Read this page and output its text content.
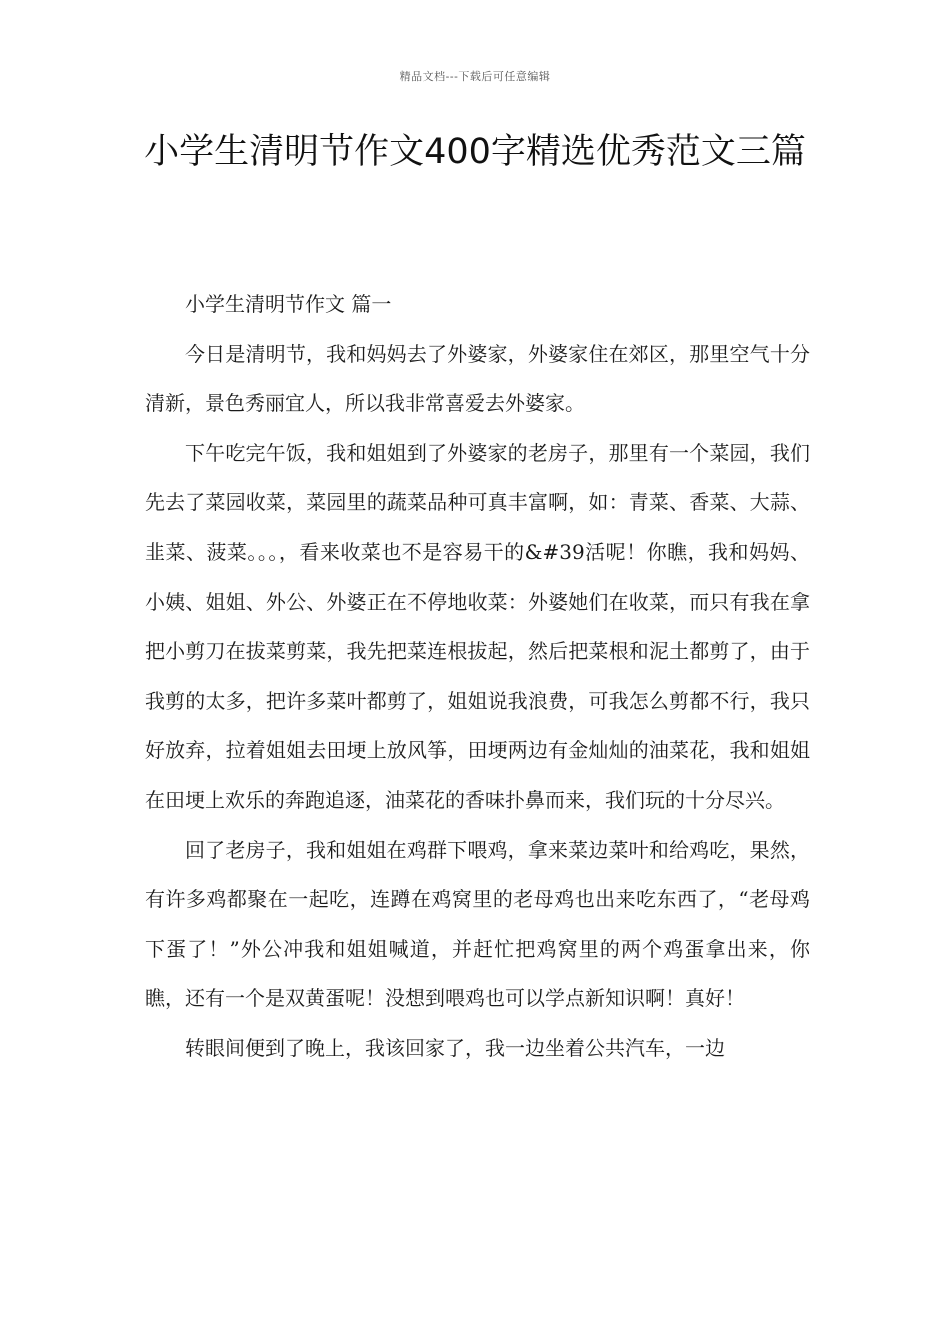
精品文档---下载后可任意编辑
小学生清明节作文400字精选优秀范文三篇

小学生清明节作文 篇一

今日是清明节，我和妈妈去了外婆家，外婆家住在郊区，那里空气十分清新，景色秀丽宜人，所以我非常喜爱去外婆家。

下午吃完午饭，我和姐姐到了外婆家的老房子，那里有一个菜园，我们先去了菜园收菜，菜园里的蔬菜品种可真丰富啊，如：青菜、香菜、大蒜、韭菜、菠菜。。。，看来收菜也不是容易干的&#39活呢！你瞧，我和妈妈、小姨、姐姐、外公、外婆正在不停地收菜：外婆她们在收菜，而只有我在拿把小剪刀在拔菜剪菜，我先把菜连根拔起，然后把菜根和泥土都剪了，由于我剪的太多，把许多菜叶都剪了，姐姐说我浪费，可我怎么剪都不行，我只好放弃，拉着姐姐去田埂上放风筝，田埂两边有金灿灿的油菜花，我和姐姐在田埂上欢乐的奔跑追逐，油菜花的香味扑鼻而来，我们玩的十分尽兴。

回了老房子，我和姐姐在鸡群下喂鸡，拿来菜边菜叶和给鸡吃，果然，有许多鸡都聚在一起吃，连蹲在鸡窝里的老母鸡也出来吃东西了，“老母鸡下蛋了！”外公冲我和姐姐喊道，并赶忙把鸡窝里的两个鸡蛋拿出来，你瞧，还有一个是双黄蛋呢！没想到喂鸡也可以学点新知识啊！真好！

转眼间便到了晚上，我该回家了，我一边坐着公共汽车，一边
